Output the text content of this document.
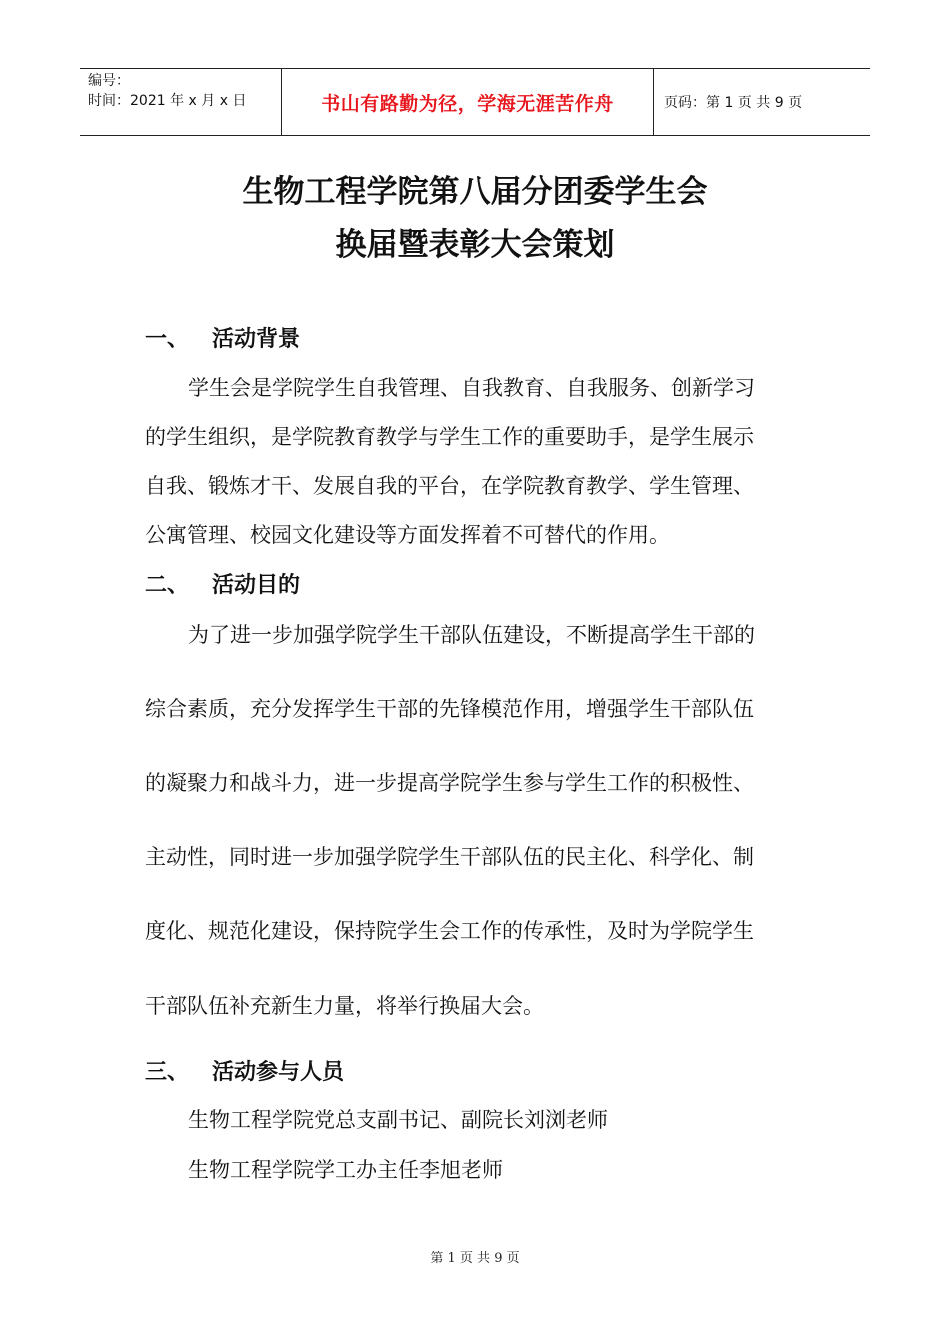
编号：
时间：2021 年 x 月 x 日	书山有路勤为径，学海无涯苦作舟	页码：第 1 页 共 9 页
生物工程学院第八届分团委学生会
换届暨表彰大会策划
一、 活动背景
学生会是学院学生自我管理、自我教育、自我服务、创新学习
的学生组织，是学院教育教学与学生工作的重要助手，是学生展示
自我、锻炼才干、发展自我的平台，在学院教育教学、学生管理、
公寓管理、校园文化建设等方面发挥着不可替代的作用。
二、 活动目的
为了进一步加强学院学生干部队伍建设，不断提高学生干部的
综合素质，充分发挥学生干部的先锋模范作用，增强学生干部队伍
的凝聚力和战斗力，进一步提高学院学生参与学生工作的积极性、
主动性，同时进一步加强学院学生干部队伍的民主化、科学化、制
度化、规范化建设，保持院学生会工作的传承性，及时为学院学生
干部队伍补充新生力量，将举行换届大会。
三、 活动参与人员
生物工程学院党总支副书记、副院长刘浏老师
生物工程学院学工办主任李旭老师
第 1 页 共 9 页
